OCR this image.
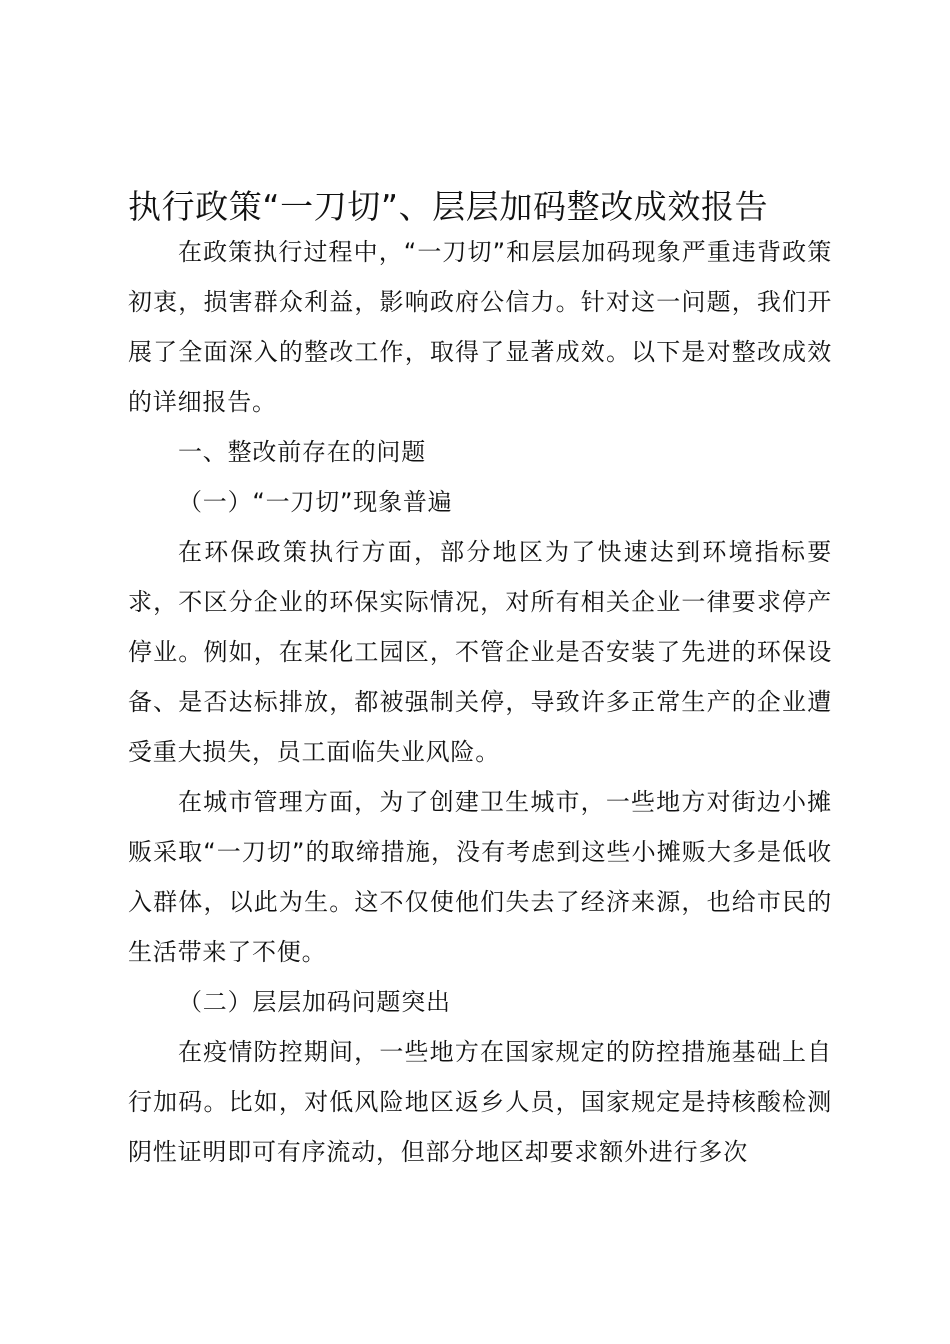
执行政策“一刀切”、层层加码整改成效报告

在政策执行过程中，“一刀切”和层层加码现象严重违背政策初衷，损害群众利益，影响政府公信力。针对这一问题，我们开展了全面深入的整改工作，取得了显著成效。以下是对整改成效的详细报告。

一、整改前存在的问题

（一）“一刀切”现象普遍

在环保政策执行方面，部分地区为了快速达到环境指标要求，不区分企业的环保实际情况，对所有相关企业一律要求停产停业。例如，在某化工园区，不管企业是否安装了先进的环保设备、是否达标排放，都被强制关停，导致许多正常生产的企业遭受重大损失，员工面临失业风险。

在城市管理方面，为了创建卫生城市，一些地方对街边小摊贩采取“一刀切”的取缔措施，没有考虑到这些小摊贩大多是低收入群体，以此为生。这不仅使他们失去了经济来源，也给市民的生活带来了不便。

（二）层层加码问题突出

在疫情防控期间，一些地方在国家规定的防控措施基础上自行加码。比如，对低风险地区返乡人员，国家规定是持核酸检测阴性证明即可有序流动，但部分地区却要求额外进行多次
